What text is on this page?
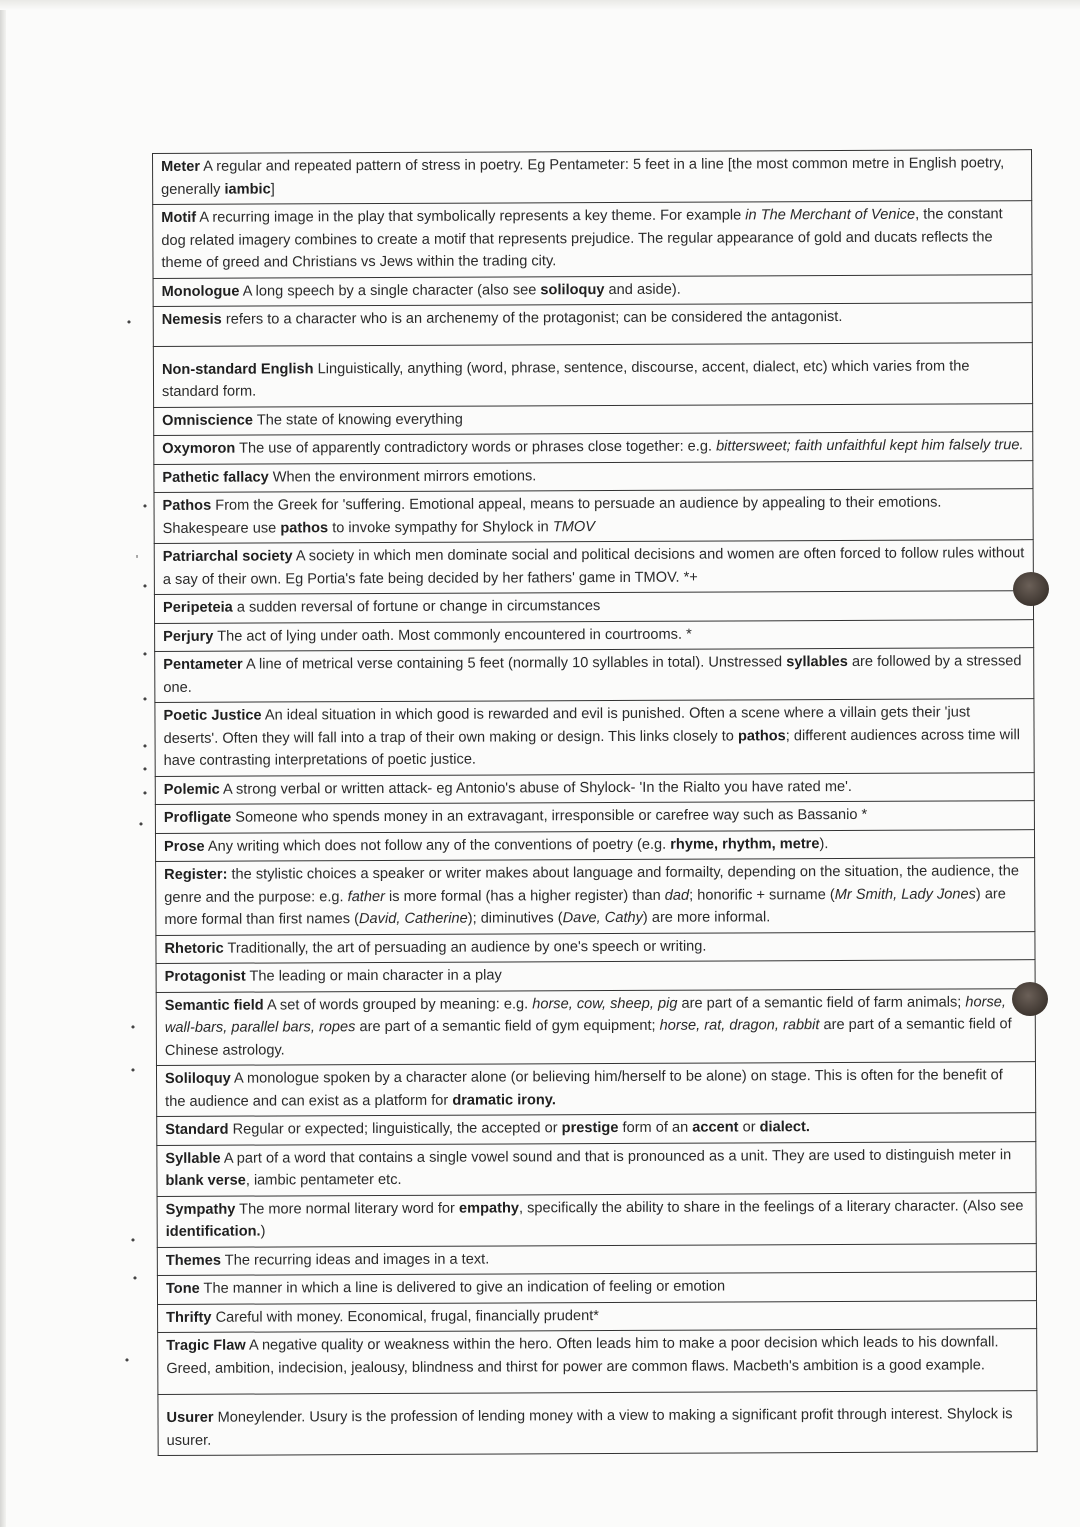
Meter A regular and repeated pattern of stress in poetry. Eg Pentameter: 5 feet in a line [the most common metre in English poetry, generally iambic]
Motif A recurring image in the play that symbolically represents a key theme. For example in The Merchant of Venice, the constant dog related imagery combines to create a motif that represents prejudice. The regular appearance of gold and ducats reflects the theme of greed and Christians vs Jews within the trading city.
Monologue A long speech by a single character (also see soliloquy and aside).
Nemesis refers to a character who is an archenemy of the protagonist; can be considered the antagonist.
Non-standard English Linguistically, anything (word, phrase, sentence, discourse, accent, dialect, etc) which varies from the standard form.
Omniscience The state of knowing everything
Oxymoron The use of apparently contradictory words or phrases close together: e.g. bittersweet; faith unfaithful kept him falsely true.
Pathetic fallacy When the environment mirrors emotions.
Pathos From the Greek for 'suffering. Emotional appeal, means to persuade an audience by appealing to their emotions. Shakespeare use pathos to invoke sympathy for Shylock in TMOV
Patriarchal society A society in which men dominate social and political decisions and women are often forced to follow rules without a say of their own. Eg Portia's fate being decided by her fathers' game in TMOV. *+
Peripeteia a sudden reversal of fortune or change in circumstances
Perjury The act of lying under oath. Most commonly encountered in courtrooms. *
Pentameter A line of metrical verse containing 5 feet (normally 10 syllables in total). Unstressed syllables are followed by a stressed one.
Poetic Justice An ideal situation in which good is rewarded and evil is punished. Often a scene where a villain gets their 'just deserts'. Often they will fall into a trap of their own making or design. This links closely to pathos; different audiences across time will have contrasting interpretations of poetic justice.
Polemic A strong verbal or written attack- eg Antonio's abuse of Shylock- 'In the Rialto you have rated me'.
Profligate Someone who spends money in an extravagant, irresponsible or carefree way such as Bassanio *
Prose Any writing which does not follow any of the conventions of poetry (e.g. rhyme, rhythm, metre).
Register: the stylistic choices a speaker or writer makes about language and formailty, depending on the situation, the audience, the genre and the purpose: e.g. father is more formal (has a higher register) than dad; honorific + surname (Mr Smith, Lady Jones) are more formal than first names (David, Catherine); diminutives (Dave, Cathy) are more informal.
Rhetoric Traditionally, the art of persuading an audience by one's speech or writing.
Protagonist The leading or main character in a play
Semantic field A set of words grouped by meaning: e.g. horse, cow, sheep, pig are part of a semantic field of farm animals; horse, wall-bars, parallel bars, ropes are part of a semantic field of gym equipment; horse, rat, dragon, rabbit are part of a semantic field of Chinese astrology.
Soliloquy A monologue spoken by a character alone (or believing him/herself to be alone) on stage. This is often for the benefit of the audience and can exist as a platform for dramatic irony.
Standard Regular or expected; linguistically, the accepted or prestige form of an accent or dialect.
Syllable A part of a word that contains a single vowel sound and that is pronounced as a unit. They are used to distinguish meter in blank verse, iambic pentameter etc.
Sympathy The more normal literary word for empathy, specifically the ability to share in the feelings of a literary character. (Also see identification.)
Themes The recurring ideas and images in a text.
Tone The manner in which a line is delivered to give an indication of feeling or emotion
Thrifty Careful with money. Economical, frugal, financially prudent*
Tragic Flaw A negative quality or weakness within the hero. Often leads him to make a poor decision which leads to his downfall. Greed, ambition, indecision, jealousy, blindness and thirst for power are common flaws. Macbeth's ambition is a good example.
Usurer Moneylender. Usury is the profession of lending money with a view to making a significant profit through interest. Shylock is usurer.
•
•
'
•
•
•
•
•
•
•
•
•
•
•
•
